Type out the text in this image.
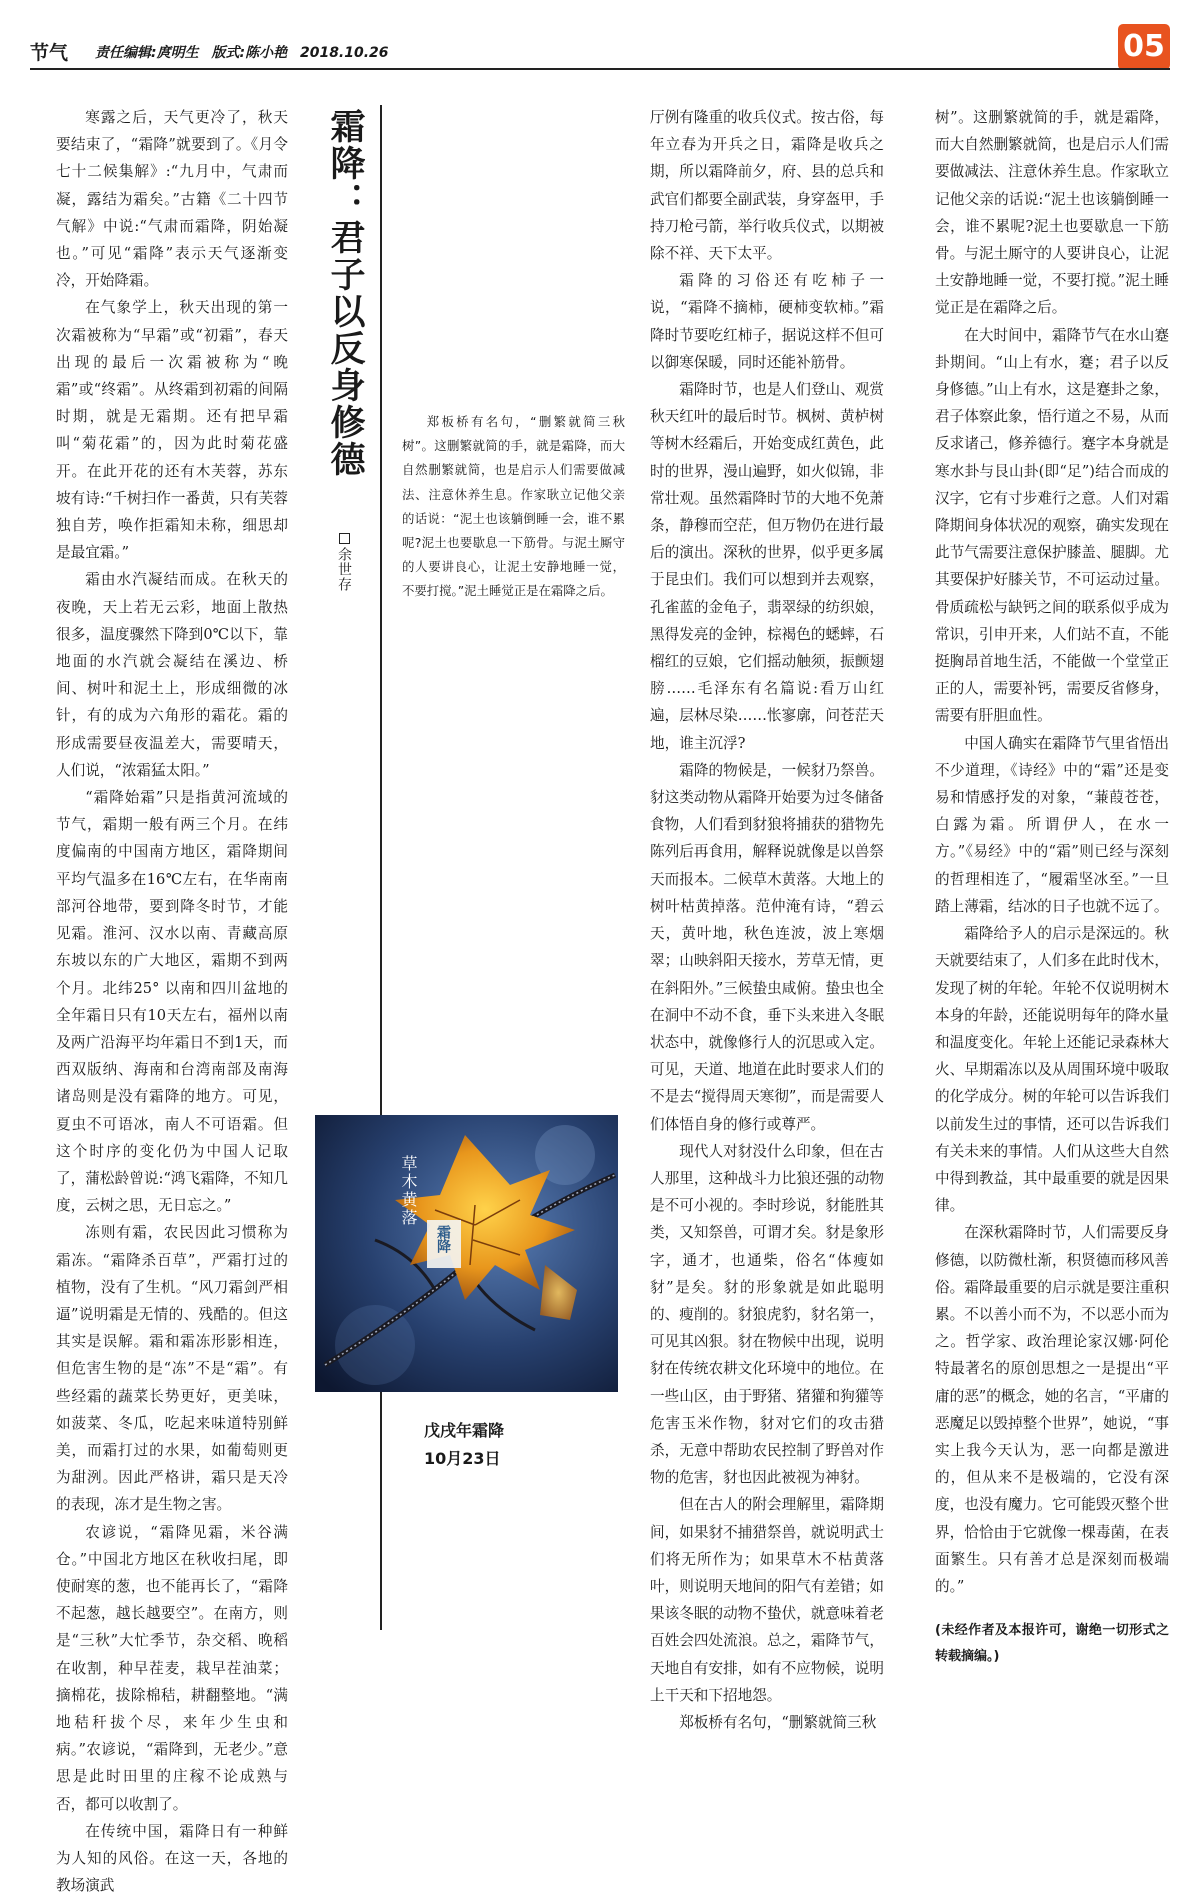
节气 责任编辑:庹明生 版式:陈小艳 2018.10.26	05

寒露之后，天气更冷了，秋天要结束了，“霜降”就要到了。《月令七十二候集解》:“九月中，气肃而凝，露结为霜矣。”古籍《二十四节气解》中说:“气肃而霜降，阴始凝也。”可见“霜降”表示天气逐渐变冷，开始降霜。

在气象学上，秋天出现的第一次霜被称为“早霜”或“初霜”，春天出现的最后一次霜被称为“晚霜”或“终霜”。从终霜到初霜的间隔时期，就是无霜期。还有把早霜叫“菊花霜”的，因为此时菊花盛开。在此开花的还有木芙蓉，苏东坡有诗:“千树扫作一番黄，只有芙蓉独自芳，唤作拒霜知未称，细思却是最宜霜。”

霜由水汽凝结而成。在秋天的夜晚，天上若无云彩，地面上散热很多，温度骤然下降到0℃以下，靠地面的水汽就会凝结在溪边、桥间、树叶和泥土上，形成细微的冰针，有的成为六角形的霜花。霜的形成需要昼夜温差大，需要晴天，人们说，“浓霜猛太阳。”

“霜降始霜”只是指黄河流域的节气，霜期一般有两三个月。在纬度偏南的中国南方地区，霜降期间平均气温多在16℃左右，在华南南部河谷地带，要到降冬时节，才能见霜。淮河、汉水以南、青藏高原东坡以东的广大地区，霜期不到两个月。北纬25° 以南和四川盆地的全年霜日只有10天左右，福州以南及两广沿海平均年霜日不到1天，而西双版纳、海南和台湾南部及南海诸岛则是没有霜降的地方。可见，夏虫不可语冰，南人不可语霜。但这个时序的变化仍为中国人记取了，蒲松龄曾说:“鸿飞霜降，不知几度，云树之思，无日忘之。”

冻则有霜，农民因此习惯称为霜冻。“霜降杀百草”，严霜打过的植物，没有了生机。“风刀霜剑严相逼”说明霜是无情的、残酷的。但这其实是误解。霜和霜冻形影相连，但危害生物的是“冻”不是“霜”。有些经霜的蔬菜长势更好，更美味，如菠菜、冬瓜，吃起来味道特别鲜美，而霜打过的水果，如葡萄则更为甜洌。因此严格讲，霜只是天冷的表现，冻才是生物之害。

农谚说，“霜降见霜，米谷满仓。”中国北方地区在秋收扫尾，即使耐寒的葱，也不能再长了，“霜降不起葱，越长越要空”。在南方，则是“三秋”大忙季节，杂交稻、晚稻在收割，种早茬麦，栽早茬油菜；摘棉花，拔除棉秸，耕翻整地。“满地秸秆拔个尽，来年少生虫和病。”农谚说，“霜降到，无老少。”意思是此时田里的庄稼不论成熟与否，都可以收割了。

在传统中国，霜降日有一种鲜为人知的风俗。在这一天，各地的教场演武

霜降：君子以反身修德
余世存
郑板桥有名句，“删繁就简三秋树”。这删繁就简的手，就是霜降，而大自然删繁就简，也是启示人们需要做减法、注意休养生息。作家耿立记他父亲的话说：“泥土也该躺倒睡一会，谁不累呢?泥土也要歇息一下筋骨。与泥土厮守的人要讲良心，让泥土安静地睡一觉，不要打搅。”泥土睡觉正是在霜降之后。
草木黄落
霜降
戊戌年霜降
10月23日

厅例有隆重的收兵仪式。按古俗，每年立春为开兵之日，霜降是收兵之期，所以霜降前夕，府、县的总兵和武官们都要全副武装，身穿盔甲，手持刀枪弓箭，举行收兵仪式，以期被除不祥、天下太平。

霜降的习俗还有吃柿子一说，“霜降不摘柿，硬柿变软柿。”霜降时节要吃红柿子，据说这样不但可以御寒保暖，同时还能补筋骨。

霜降时节，也是人们登山、观赏秋天红叶的最后时节。枫树、黄栌树等树木经霜后，开始变成红黄色，此时的世界，漫山遍野，如火似锦，非常壮观。虽然霜降时节的大地不免萧条，静穆而空茫，但万物仍在进行最后的演出。深秋的世界，似乎更多属于昆虫们。我们可以想到并去观察，孔雀蓝的金龟子，翡翠绿的纺织娘，黑得发亮的金钟，棕褐色的蟋蟀，石榴红的豆娘，它们摇动触须，振颤翅膀……毛泽东有名篇说:看万山红遍，层林尽染……怅寥廓，问苍茫天地，谁主沉浮?

霜降的物候是，一候豺乃祭兽。豺这类动物从霜降开始要为过冬储备食物，人们看到豺狼将捕获的猎物先陈列后再食用，解释说就像是以兽祭天而报本。二候草木黄落。大地上的树叶枯黄掉落。范仲淹有诗，“碧云天，黄叶地，秋色连波，波上寒烟翠；山映斜阳天接水，芳草无情，更在斜阳外。”三候蛰虫咸俯。蛰虫也全在洞中不动不食，垂下头来进入冬眠状态中，就像修行人的沉思或入定。可见，天道、地道在此时要求人们的不是去“搅得周天寒彻”，而是需要人们体悟自身的修行或尊严。

现代人对豺没什么印象，但在古人那里，这种战斗力比狼还强的动物是不可小视的。李时珍说，豺能胜其类，又知祭兽，可谓才矣。豺是象形字，通才，也通柴，俗名“体瘦如豺”是矣。豺的形象就是如此聪明的、瘦削的。豺狼虎豹，豺名第一，可见其凶狠。豺在物候中出现，说明豺在传统农耕文化环境中的地位。在一些山区，由于野猪、猪獾和狗獾等危害玉米作物，豺对它们的攻击猎杀，无意中帮助农民控制了野兽对作物的危害，豺也因此被视为神豺。

但在古人的附会理解里，霜降期间，如果豺不捕猎祭兽，就说明武士们将无所作为；如果草木不枯黄落叶，则说明天地间的阳气有差错；如果该冬眠的动物不蛰伏，就意味着老百姓会四处流浪。总之，霜降节气，天地自有安排，如有不应物候，说明上干天和下招地怨。

郑板桥有名句，“删繁就简三秋

树”。这删繁就简的手，就是霜降，而大自然删繁就简，也是启示人们需要做减法、注意休养生息。作家耿立记他父亲的话说:“泥土也该躺倒睡一会，谁不累呢?泥土也要歇息一下筋骨。与泥土厮守的人要讲良心，让泥土安静地睡一觉，不要打搅。”泥土睡觉正是在霜降之后。

在大时间中，霜降节气在水山蹇卦期间。“山上有水，蹇；君子以反身修德。”山上有水，这是蹇卦之象，君子体察此象，悟行道之不易，从而反求诸己，修养德行。蹇字本身就是寒水卦与艮山卦(即“足”)结合而成的汉字，它有寸步难行之意。人们对霜降期间身体状况的观察，确实发现在此节气需要注意保护膝盖、腿脚。尤其要保护好膝关节，不可运动过量。骨质疏松与缺钙之间的联系似乎成为常识，引申开来，人们站不直，不能挺胸昂首地生活，不能做一个堂堂正正的人，需要补钙，需要反省修身，需要有肝胆血性。

中国人确实在霜降节气里省悟出不少道理，《诗经》中的“霜”还是变易和情感抒发的对象，“蒹葭苍苍，白露为霜。所谓伊人，在水一方。”《易经》中的“霜”则已经与深刻的哲理相连了，“履霜坚冰至。”一旦踏上薄霜，结冰的日子也就不远了。

霜降给予人的启示是深远的。秋天就要结束了，人们多在此时伐木，发现了树的年轮。年轮不仅说明树木本身的年龄，还能说明每年的降水量和温度变化。年轮上还能记录森林大火、早期霜冻以及从周围环境中吸取的化学成分。树的年轮可以告诉我们以前发生过的事情，还可以告诉我们有关未来的事情。人们从这些大自然中得到教益，其中最重要的就是因果律。

在深秋霜降时节，人们需要反身修德，以防微杜渐，积贤德而移风善俗。霜降最重要的启示就是要注重积累。不以善小而不为，不以恶小而为之。哲学家、政治理论家汉娜·阿伦特最著名的原创思想之一是提出“平庸的恶”的概念，她的名言，“平庸的恶魔足以毁掉整个世界”，她说，“事实上我今天认为，恶一向都是激进的，但从来不是极端的，它没有深度，也没有魔力。它可能毁灭整个世界，恰恰由于它就像一棵毒菌，在表面繁生。只有善才总是深刻而极端的。”

(未经作者及本报许可，谢绝一切形式之转载摘编。)
